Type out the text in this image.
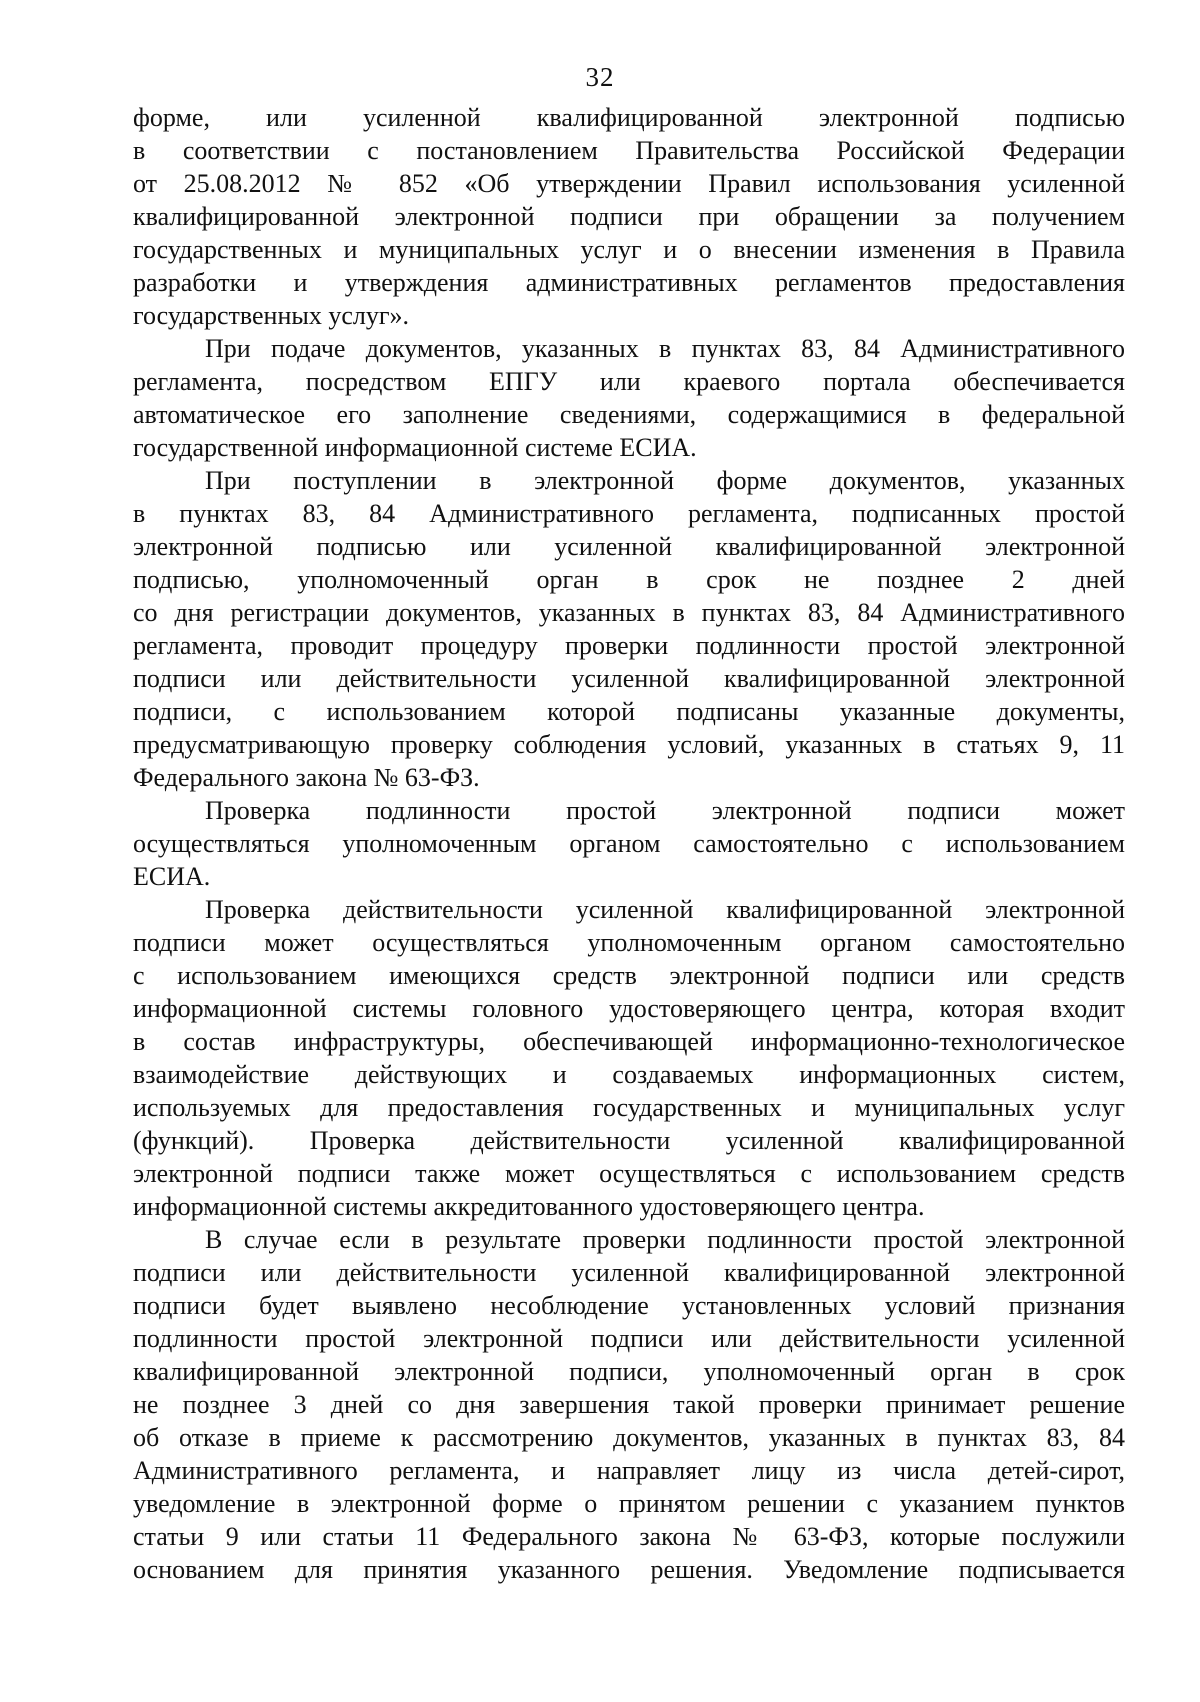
32
форме, или усиленной квалифицированной электронной подписью
в соответствии с постановлением Правительства Российской Федерации
от 25.08.2012 № 852 «Об утверждении Правил использования усиленной
квалифицированной электронной подписи при обращении за получением
государственных и муниципальных услуг и о внесении изменения в Правила
разработки и утверждения административных регламентов предоставления
государственных услуг».
При подаче документов, указанных в пунктах 83, 84 Административного
регламента, посредством ЕПГУ или краевого портала обеспечивается
автоматическое его заполнение сведениями, содержащимися в федеральной
государственной информационной системе ЕСИА.
При поступлении в электронной форме документов, указанных
в пунктах 83, 84 Административного регламента, подписанных простой
электронной подписью или усиленной квалифицированной электронной
подписью, уполномоченный орган в срок не позднее 2 дней
со дня регистрации документов, указанных в пунктах 83, 84 Административного
регламента, проводит процедуру проверки подлинности простой электронной
подписи или действительности усиленной квалифицированной электронной
подписи, с использованием которой подписаны указанные документы,
предусматривающую проверку соблюдения условий, указанных в статьях 9, 11
Федерального закона № 63-ФЗ.
Проверка подлинности простой электронной подписи может
осуществляться уполномоченным органом самостоятельно с использованием
ЕСИА.
Проверка действительности усиленной квалифицированной электронной
подписи может осуществляться уполномоченным органом самостоятельно
с использованием имеющихся средств электронной подписи или средств
информационной системы головного удостоверяющего центра, которая входит
в состав инфраструктуры, обеспечивающей информационно-технологическое
взаимодействие действующих и создаваемых информационных систем,
используемых для предоставления государственных и муниципальных услуг
(функций). Проверка действительности усиленной квалифицированной
электронной подписи также может осуществляться с использованием средств
информационной системы аккредитованного удостоверяющего центра.
В случае если в результате проверки подлинности простой электронной
подписи или действительности усиленной квалифицированной электронной
подписи будет выявлено несоблюдение установленных условий признания
подлинности простой электронной подписи или действительности усиленной
квалифицированной электронной подписи, уполномоченный орган в срок
не позднее 3 дней со дня завершения такой проверки принимает решение
об отказе в приеме к рассмотрению документов, указанных в пунктах 83, 84
Административного регламента, и направляет лицу из числа детей-сирот,
уведомление в электронной форме о принятом решении с указанием пунктов
статьи 9 или статьи 11 Федерального закона № 63-ФЗ, которые послужили
основанием для принятия указанного решения. Уведомление подписывается
